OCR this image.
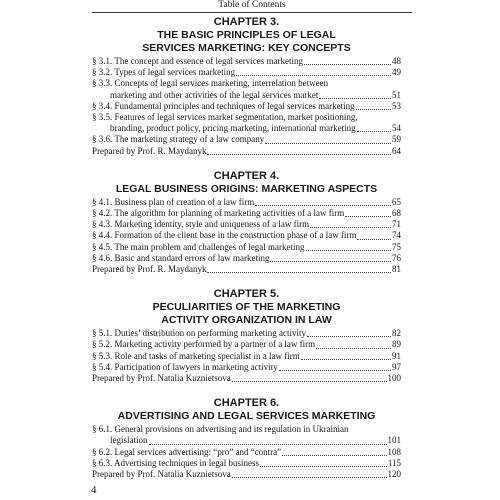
Table of Contents
CHAPTER 3.
THE BASIC PRINCIPLES OF LEGAL
SERVICES MARKETING: KEY CONCEPTS
§ 3.1. The concept and essence of legal services marketing	48
§ 3.2. Types of legal services marketing	49
§ 3.3. Concepts of legal services marketing, interrelation between
marketing and other activities of the legal services market	51
§ 3.4. Fundamental principles and techniques of legal services marketing	53
§ 3.5. Features of legal services market segmentation, market positioning,
branding, product policy, pricing marketing, international marketing	54
§ 3.6. The marketing strategy of a law company	59
Prepared by Prof. R. Maydanyk	64
CHAPTER 4.
LEGAL BUSINESS ORIGINS: MARKETING ASPECTS
§ 4.1. Business plan of creation of a law firm	65
§ 4.2. The algorithm for planning of marketing activities of a law firm	68
§ 4.3. Marketing identity, style and uniqueness of a law firm	71
§ 4.4. Formation of the client base in the construction phase of a law firm	74
§ 4.5. The main problem and challenges of legal marketing	75
§ 4.6. Basic and standard errors of law marketing	76
Prepared by Prof. R. Maydanyk	81
CHAPTER 5.
PECULIARITIES OF THE MARKETING
ACTIVITY ORGANIZATION IN LAW
§ 5.1. Duties’ distribution on performing marketing activity	82
§ 5.2. Marketing activity performed by a partner of a law firm	89
§ 5.3. Role and tasks of marketing specialist in a law firm	91
§ 5.4. Participation of lawyers in marketing activity	97
Prepared by Prof. Natalia Kuznietsova	100
CHAPTER 6.
ADVERTISING AND LEGAL SERVICES MARKETING
§ 6.1. General provisions on advertising and its regulation in Ukrainian
legislation	101
§ 6.2. Legal services advertising: “pro” and “contra”	108
§ 6.3. Advertising techniques in legal business	115
Prepared by Prof. Natalia Kuznietsova	120
4
